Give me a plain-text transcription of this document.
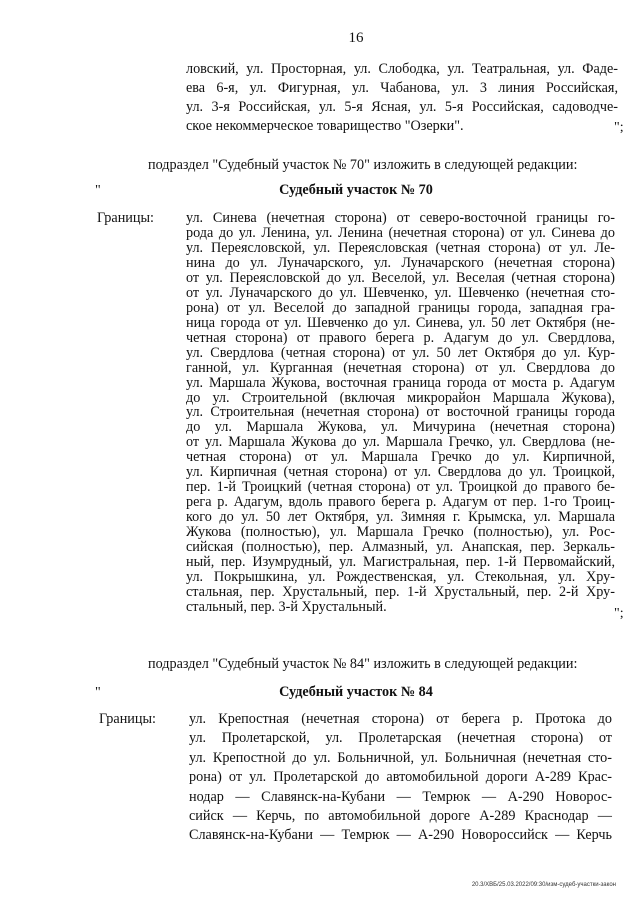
16
ловский, ул. Просторная, ул. Слободка, ул. Театральная, ул. Фаде-
ева 6-я, ул. Фигурная, ул. Чабанова, ул. 3 линия Российская,
ул. 3-я Российская, ул. 5-я Ясная, ул. 5-я Российская, садоводче-
ское некоммерческое товарищество "Озерки".	";
подраздел "Судебный участок № 70" изложить в следующей редакции:
"	Судебный участок № 70
Границы: ул. Синева (нечетная сторона) от северо-восточной границы го-
рода до ул. Ленина, ул. Ленина (нечетная сторона) от ул. Синева до
ул. Переясловской, ул. Переясловская (четная сторона) от ул. Ле-
нина до ул. Луначарского, ул. Луначарского (нечетная сторона)
от ул. Переясловской до ул. Веселой, ул. Веселая (четная сторона)
от ул. Луначарского до ул. Шевченко, ул. Шевченко (нечетная сто-
рона) от ул. Веселой до западной границы города, западная гра-
ница города от ул. Шевченко до ул. Синева, ул. 50 лет Октября (не-
четная сторона) от правого берега р. Адагум до ул. Свердлова,
ул. Свердлова (четная сторона) от ул. 50 лет Октября до ул. Кур-
ганной, ул. Курганная (нечетная сторона) от ул. Свердлова до
ул. Маршала Жукова, восточная граница города от моста р. Адагум
до ул. Строительной (включая микрорайон Маршала Жукова),
ул. Строительная (нечетная сторона) от восточной границы города
до ул. Маршала Жукова, ул. Мичурина (нечетная сторона)
от ул. Маршала Жукова до ул. Маршала Гречко, ул. Свердлова (не-
четная сторона) от ул. Маршала Гречко до ул. Кирпичной,
ул. Кирпичная (четная сторона) от ул. Свердлова до ул. Троицкой,
пер. 1-й Троицкий (четная сторона) от ул. Троицкой до правого бе-
рега р. Адагум, вдоль правого берега р. Адагум от пер. 1-го Троиц-
кого до ул. 50 лет Октября, ул. Зимняя г. Крымска, ул. Маршала
Жукова (полностью), ул. Маршала Гречко (полностью), ул. Рос-
сийская (полностью), пер. Алмазный, ул. Анапская, пер. Зеркаль-
ный, пер. Изумрудный, ул. Магистральная, пер. 1-й Первомайский,
ул. Покрышкина, ул. Рождественская, ул. Стекольная, ул. Хру-
стальная, пер. Хрустальный, пер. 1-й Хрустальный, пер. 2-й Хру-
стальный, пер. 3-й Хрустальный.	";
подраздел "Судебный участок № 84" изложить в следующей редакции:
"	Судебный участок № 84
Границы: ул. Крепостная (нечетная сторона) от берега р. Протока до
ул. Пролетарской, ул. Пролетарская (нечетная сторона) от
ул. Крепостной до ул. Больничной, ул. Больничная (нечетная сто-
рона) от ул. Пролетарской до автомобильной дороги А-289 Крас-
нодар — Славянск-на-Кубани — Темрюк — А-290 Новорос-
сийск — Керчь, по автомобильной дороге А-289 Краснодар —
Славянск-на-Кубани — Темрюк — А-290 Новороссийск — Керчь
20.3/ХВБ/25.03.2022/09:30/изм-судеб-участки-закон
